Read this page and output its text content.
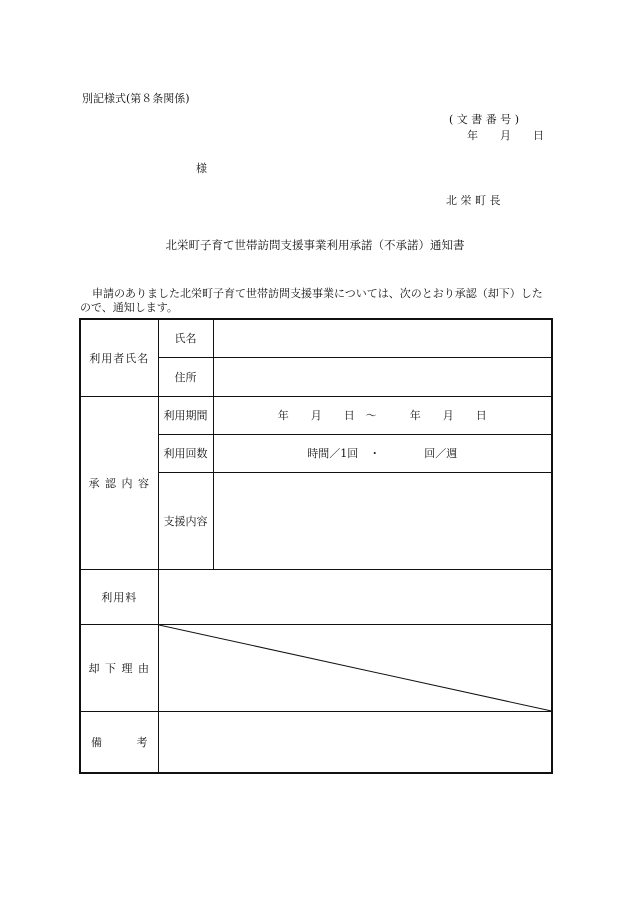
別記様式(第８条関係)
( 文 書 番 号 )
年　　月　　日
様
北 栄 町 長
北栄町子育て世帯訪問支援事業利用承諾（不承諾）通知書
申請のありました北栄町子育て世帯訪問支援事業については、次のとおり承認（却下）したので、通知します。
利用者氏名	氏名	
	住所	
承 認 内 容	利用期間	年　　月　　日　～　　　年　　月　　日
	利用回数	時間／1回　・　　　　回／週
	支援内容	
利用料		
却 下 理 由	

備 考		
